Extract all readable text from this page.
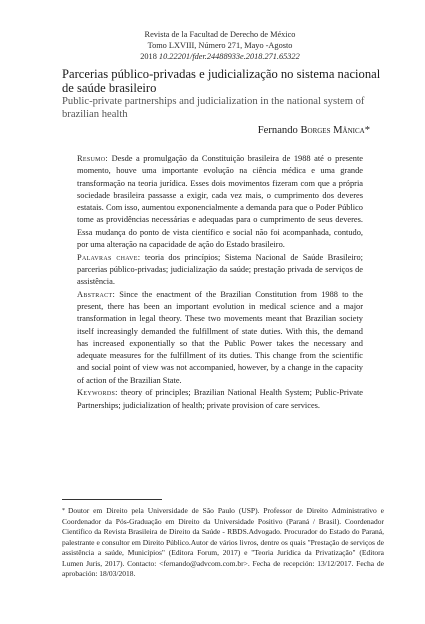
Revista de la Facultad de Derecho de México
Tomo LXVIII, Número 271, Mayo -Agosto
2018 10.22201/fder.24488933e.2018.271.65322
Parcerias público-privadas e judicialização no sistema nacional de saúde brasileiro
Public-private partnerships and judicialization in the national system of brazilian health
Fernando Borges Mânica*

Resumo: Desde a promulgação da Constituição brasileira de 1988 até o presente momento, houve uma importante evolução na ciência médica e uma grande transformação na teoria jurídica. Esses dois movimentos fizeram com que a própria sociedade brasileira passasse a exigir, cada vez mais, o cumprimento dos deveres estatais. Com isso, aumentou exponencialmente a demanda para que o Poder Público tome as providências necessárias e adequadas para o cumprimento de seus deveres. Essa mudança do ponto de vista científico e social não foi acompanhada, contudo, por uma alteração na capacidade de ação do Estado brasileiro.

Palavras chave: teoria dos princípios; Sistema Nacional de Saúde Brasileiro; parcerias público-privadas; judicialização da saúde; prestação privada de serviços de assistência.

Abstract: Since the enactment of the Brazilian Constitution from 1988 to the present, there has been an important evolution in medical science and a major transformation in legal theory. These two movements meant that Brazilian society itself increasingly demanded the fulfillment of state duties. With this, the demand has increased exponentially so that the Public Power takes the necessary and adequate measures for the fulfillment of its duties. This change from the scientific and social point of view was not accompanied, however, by a change in the capacity of action of the Brazilian State.

Keywords: theory of principles; Brazilian National Health System; Public-Private Partnerships; judicialization of health; private provision of care services.

* Doutor em Direito pela Universidade de São Paulo (USP). Professor de Direito Administrativo e Coordenador da Pós-Graduação em Direito da Universidade Positivo (Paraná / Brasil). Coordenador Científico da Revista Brasileira de Direito da Saúde - RBDS.Advogado. Procurador do Estado do Paraná, palestrante e consultor em Direito Público.Autor de vários livros, dentre os quais "Prestação de serviços de assistência a saúde, Municípios" (Editora Forum, 2017) e "Teoria Jurídica da Privatização" (Editora Lumen Juris, 2017). Contacto: <fernando@advcom.com.br>. Fecha de recepción: 13/12/2017. Fecha de aprobación: 18/03/2018.
